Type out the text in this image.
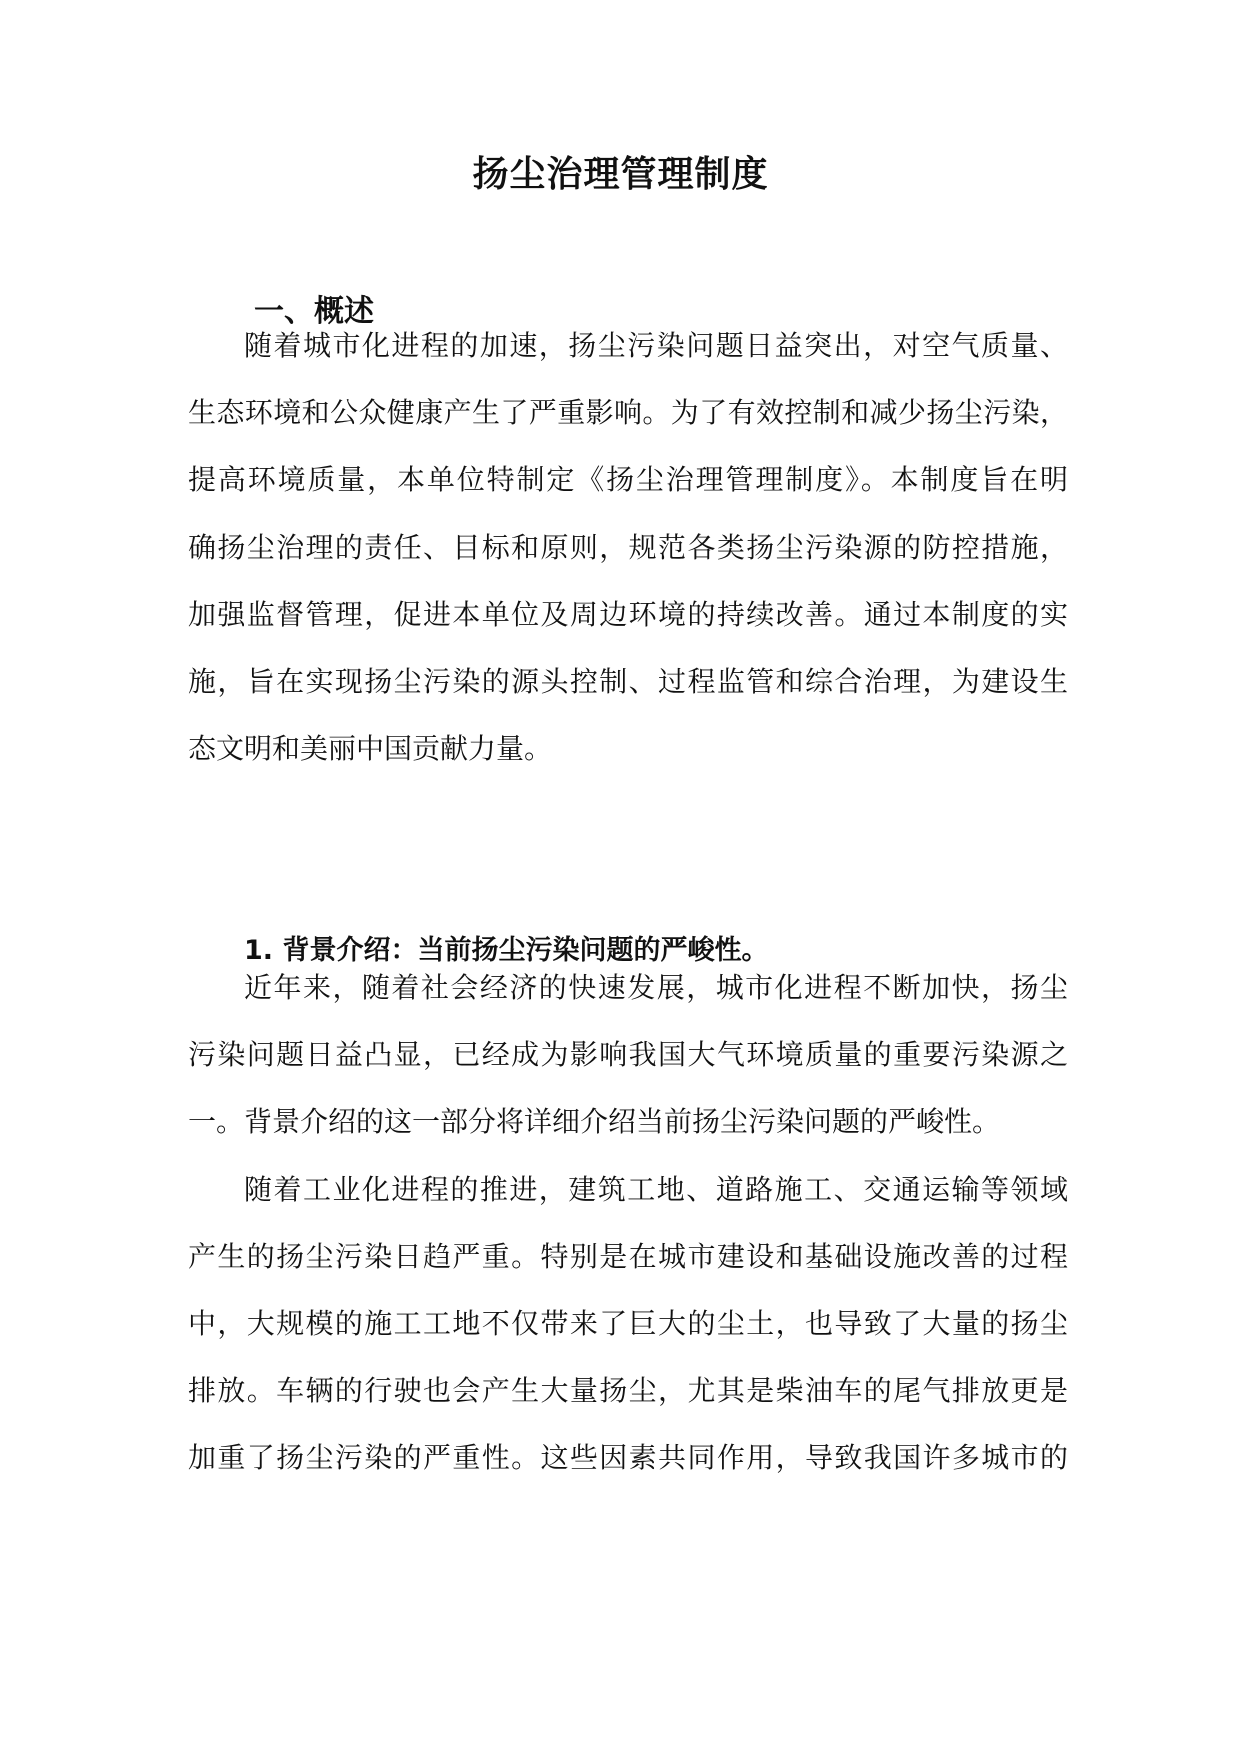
扬尘治理管理制度
一、概述
随着城市化进程的加速，扬尘污染问题日益突出，对空气质量、
生态环境和公众健康产生了严重影响。为了有效控制和减少扬尘污染，
提高环境质量，本单位特制定《扬尘治理管理制度》。本制度旨在明
确扬尘治理的责任、目标和原则，规范各类扬尘污染源的防控措施，
加强监督管理，促进本单位及周边环境的持续改善。通过本制度的实
施，旨在实现扬尘污染的源头控制、过程监管和综合治理，为建设生
态文明和美丽中国贡献力量。
1. 背景介绍：当前扬尘污染问题的严峻性。
近年来，随着社会经济的快速发展，城市化进程不断加快，扬尘
污染问题日益凸显，已经成为影响我国大气环境质量的重要污染源之
一。背景介绍的这一部分将详细介绍当前扬尘污染问题的严峻性。
随着工业化进程的推进，建筑工地、道路施工、交通运输等领域
产生的扬尘污染日趋严重。特别是在城市建设和基础设施改善的过程
中，大规模的施工工地不仅带来了巨大的尘土，也导致了大量的扬尘
排放。车辆的行驶也会产生大量扬尘，尤其是柴油车的尾气排放更是
加重了扬尘污染的严重性。这些因素共同作用，导致我国许多城市的
